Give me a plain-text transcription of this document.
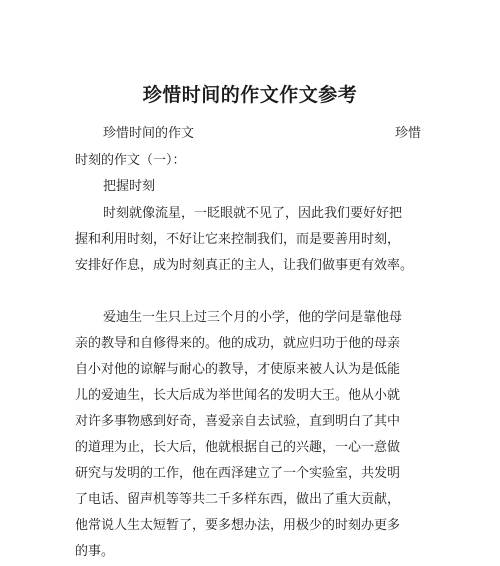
珍惜时间的作文作文参考
珍惜时间的作文	珍惜
时刻的作文（一）：
把握时刻
时刻就像流星，一眨眼就不见了，因此我们要好好把
握和利用时刻，不好让它来控制我们，而是要善用时刻，
安排好作息，成为时刻真正的主人，让我们做事更有效率。
爱迪生一生只上过三个月的小学，他的学问是靠他母
亲的教导和自修得来的。他的成功，就应归功于他的母亲
自小对他的谅解与耐心的教导，才使原来被人认为是低能
儿的爱迪生，长大后成为举世闻名的发明大王。他从小就
对许多事物感到好奇，喜爱亲自去试验，直到明白了其中
的道理为止，长大后，他就根据自己的兴趣，一心一意做
研究与发明的工作，他在西泽建立了一个实验室，共发明
了电话、留声机等等共二千多样东西，做出了重大贡献，
他常说人生太短暂了，要多想办法，用极少的时刻办更多
的事。
